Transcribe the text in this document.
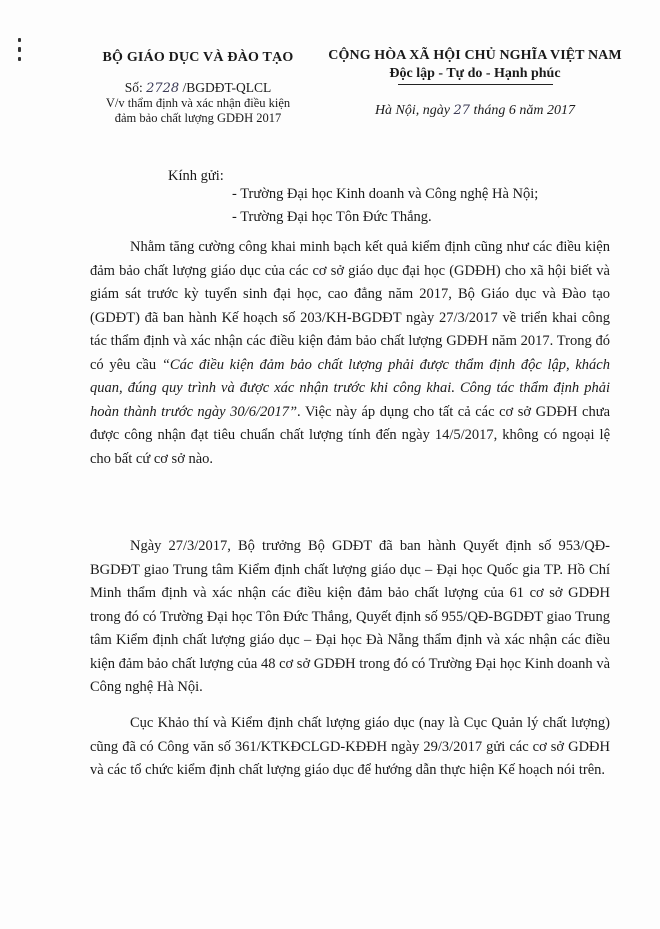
BỘ GIÁO DỤC VÀ ĐÀO TẠO
Số: 2728 /BGDĐT-QLCL
V/v thẩm định và xác nhận điều kiện
đảm bảo chất lượng GDĐH 2017
CỘNG HÒA XÃ HỘI CHỦ NGHĨA VIỆT NAM
Độc lập - Tự do - Hạnh phúc
Hà Nội, ngày 27 tháng 6 năm 2017
Kính gửi:
- Trường Đại học Kinh doanh và Công nghệ Hà Nội;
- Trường Đại học Tôn Đức Thắng.

Nhằm tăng cường công khai minh bạch kết quả kiểm định cũng như các điều kiện đảm bảo chất lượng giáo dục của các cơ sở giáo dục đại học (GDĐH) cho xã hội biết và giám sát trước kỳ tuyển sinh đại học, cao đẳng năm 2017, Bộ Giáo dục và Đào tạo (GDĐT) đã ban hành Kế hoạch số 203/KH-BGDĐT ngày 27/3/2017 về triển khai công tác thẩm định và xác nhận các điều kiện đảm bảo chất lượng GDĐH năm 2017. Trong đó có yêu cầu “Các điều kiện đảm bảo chất lượng phải được thẩm định độc lập, khách quan, đúng quy trình và được xác nhận trước khi công khai. Công tác thẩm định phải hoàn thành trước ngày 30/6/2017”. Việc này áp dụng cho tất cả các cơ sở GDĐH chưa được công nhận đạt tiêu chuẩn chất lượng tính đến ngày 14/5/2017, không có ngoại lệ cho bất cứ cơ sở nào.

Ngày 27/3/2017, Bộ trưởng Bộ GDĐT đã ban hành Quyết định số 953/QĐ-BGDĐT giao Trung tâm Kiểm định chất lượng giáo dục – Đại học Quốc gia TP. Hồ Chí Minh thẩm định và xác nhận các điều kiện đảm bảo chất lượng của 61 cơ sở GDĐH trong đó có Trường Đại học Tôn Đức Thắng, Quyết định số 955/QĐ-BGDĐT giao Trung tâm Kiểm định chất lượng giáo dục – Đại học Đà Nẵng thẩm định và xác nhận các điều kiện đảm bảo chất lượng của 48 cơ sở GDĐH trong đó có Trường Đại học Kinh doanh và Công nghệ Hà Nội.

Cục Khảo thí và Kiểm định chất lượng giáo dục (nay là Cục Quản lý chất lượng) cũng đã có Công văn số 361/KTKĐCLGD-KĐĐH ngày 29/3/2017 gửi các cơ sở GDĐH và các tổ chức kiểm định chất lượng giáo dục để hướng dẫn thực hiện Kế hoạch nói trên.
